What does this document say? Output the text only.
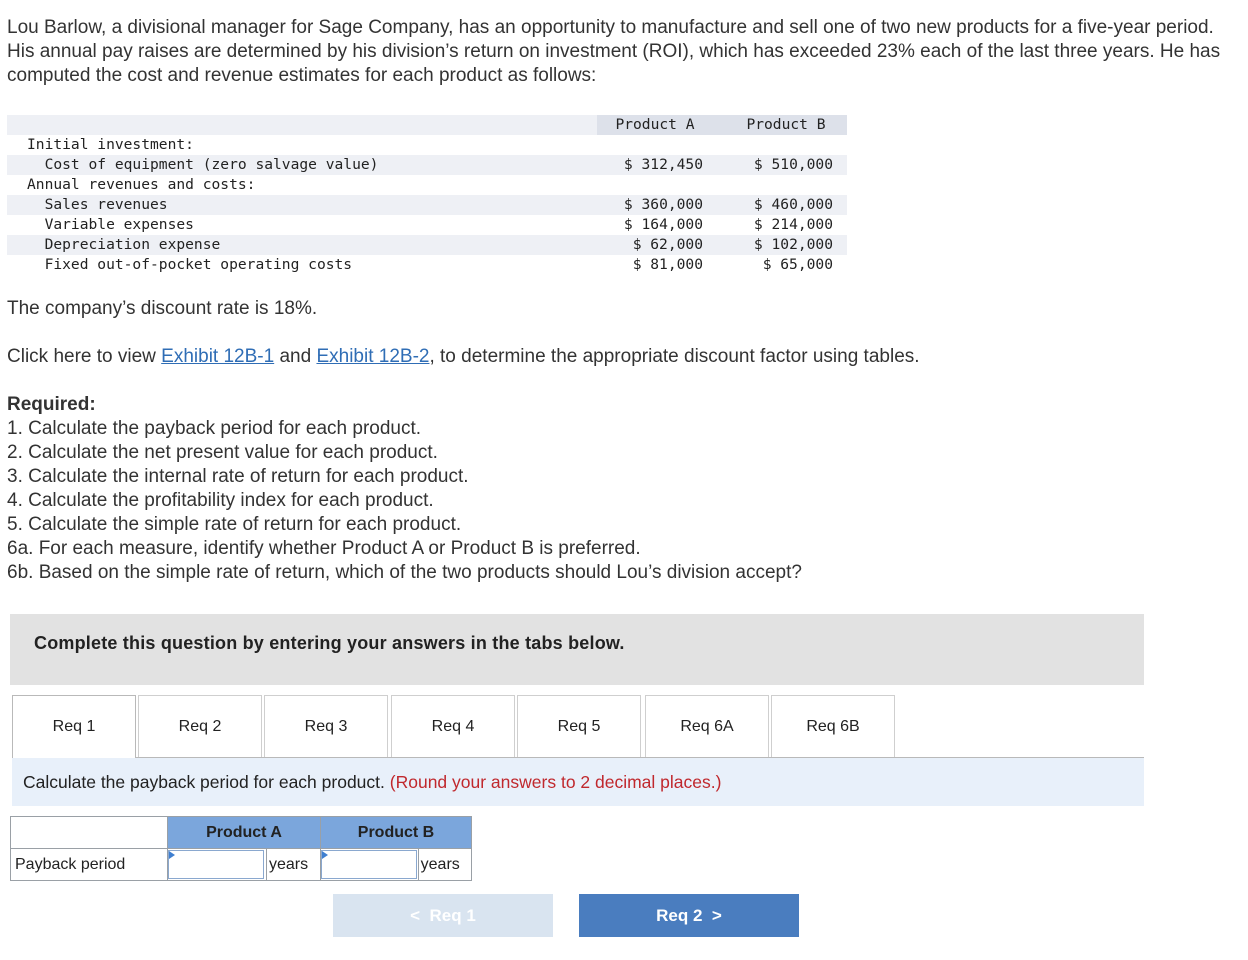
Lou Barlow, a divisional manager for Sage Company, has an opportunity to manufacture and sell one of two new products for a five-year period. His annual pay raises are determined by his division’s return on investment (ROI), which has exceeded 23% each of the last three years. He has computed the cost and revenue estimates for each product as follows:
Product A	Product B
Initial investment:
Cost of equipment (zero salvage value)	$ 312,450	$ 510,000
Annual revenues and costs:
Sales revenues	$ 360,000	$ 460,000
Variable expenses	$ 164,000	$ 214,000
Depreciation expense	$ 62,000	$ 102,000
Fixed out-of-pocket operating costs	$ 81,000	$ 65,000
The company’s discount rate is 18%.
Click here to view Exhibit 12B-1 and Exhibit 12B-2, to determine the appropriate discount factor using tables.
Required:
1. Calculate the payback period for each product.
2. Calculate the net present value for each product.
3. Calculate the internal rate of return for each product.
4. Calculate the profitability index for each product.
5. Calculate the simple rate of return for each product.
6a. For each measure, identify whether Product A or Product B is preferred.
6b. Based on the simple rate of return, which of the two products should Lou’s division accept?
Complete this question by entering your answers in the tabs below.
Req 1	Req 2	Req 3	Req 4	Req 5	Req 6A	Req 6B
Calculate the payback period for each product. (Round your answers to 2 decimal places.)
	Product A		Product B	
Payback period		years		years
<  Req 1	Req 2  >
